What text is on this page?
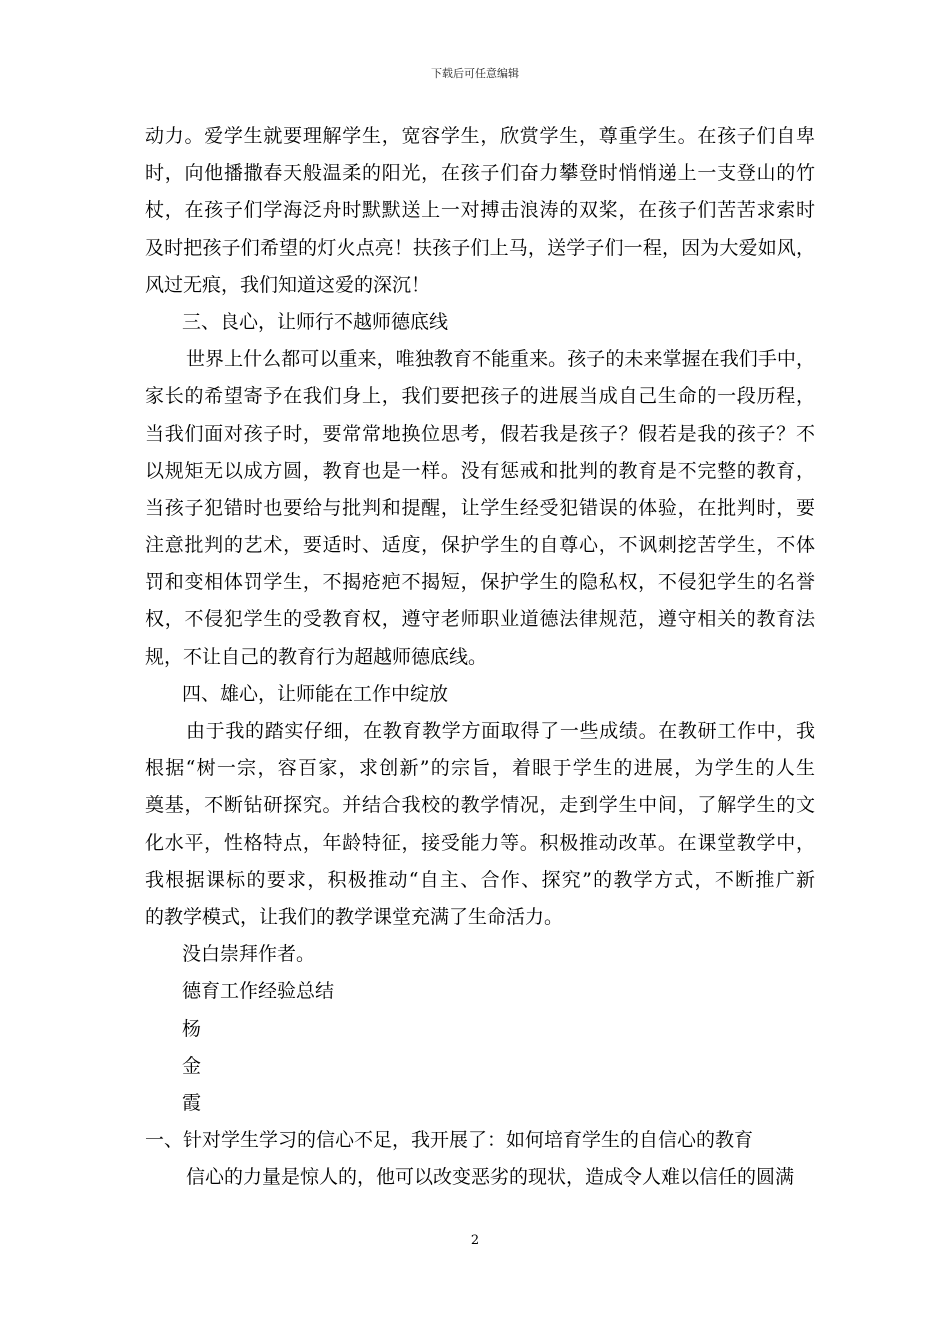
下载后可任意编辑
动力。爱学生就要理解学生，宽容学生，欣赏学生，尊重学生。在孩子们自卑
时，向他播撒春天般温柔的阳光，在孩子们奋力攀登时悄悄递上一支登山的竹
杖，在孩子们学海泛舟时默默送上一对搏击浪涛的双桨，在孩子们苦苦求索时
及时把孩子们希望的灯火点亮！扶孩子们上马，送学子们一程，因为大爱如风，
风过无痕，我们知道这爱的深沉！
三、良心，让师行不越师德底线
世界上什么都可以重来，唯独教育不能重来。孩子的未来掌握在我们手中，
家长的希望寄予在我们身上，我们要把孩子的进展当成自己生命的一段历程，
当我们面对孩子时，要常常地换位思考，假若我是孩子？假若是我的孩子？不
以规矩无以成方圆，教育也是一样。没有惩戒和批判的教育是不完整的教育，
当孩子犯错时也要给与批判和提醒，让学生经受犯错误的体验，在批判时，要
注意批判的艺术，要适时、适度，保护学生的自尊心，不讽刺挖苦学生，不体
罚和变相体罚学生，不揭疮疤不揭短，保护学生的隐私权，不侵犯学生的名誉
权，不侵犯学生的受教育权，遵守老师职业道德法律规范，遵守相关的教育法
规，不让自己的教育行为超越师德底线。
四、雄心，让师能在工作中绽放
由于我的踏实仔细，在教育教学方面取得了一些成绩。在教研工作中，我
根据“树一宗，容百家，求创新”的宗旨，着眼于学生的进展，为学生的人生
奠基，不断钻研探究。并结合我校的教学情况，走到学生中间，了解学生的文
化水平，性格特点，年龄特征，接受能力等。积极推动改革。在课堂教学中，
我根据课标的要求，积极推动“自主、合作、探究”的教学方式，不断推广新
的教学模式，让我们的教学课堂充满了生命活力。
没白崇拜作者。
德育工作经验总结
杨
金
霞
一、针对学生学习的信心不足，我开展了：如何培育学生的自信心的教育
信心的力量是惊人的，他可以改变恶劣的现状，造成令人难以信任的圆满
2
